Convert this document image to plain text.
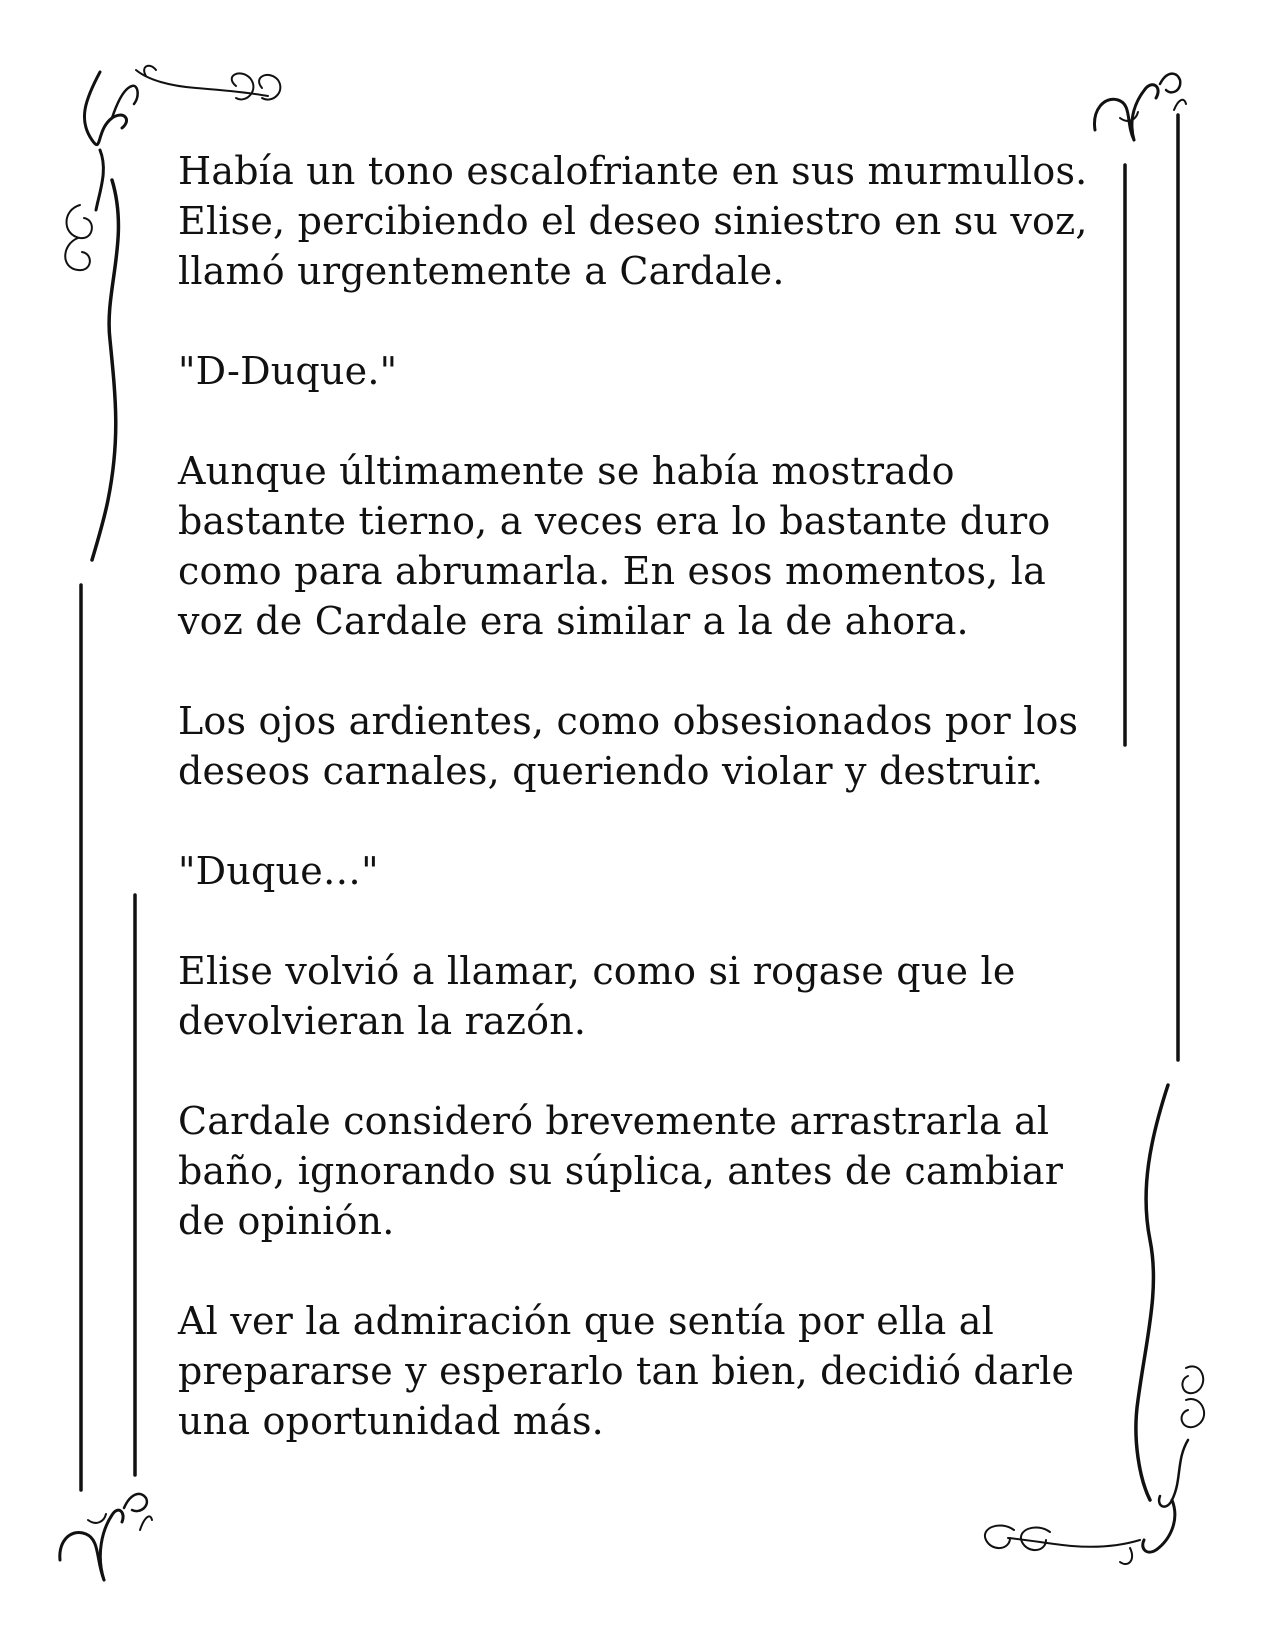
Había un tono escalofriante en sus murmullos.
Elise, percibiendo el deseo siniestro en su voz,
llamó urgentemente a Cardale.

"D-Duque."

Aunque últimamente se había mostrado
bastante tierno, a veces era lo bastante duro
como para abrumarla. En esos momentos, la
voz de Cardale era similar a la de ahora.

Los ojos ardientes, como obsesionados por los
deseos carnales, queriendo violar y destruir.

"Duque…"

Elise volvió a llamar, como si rogase que le
devolvieran la razón.

Cardale consideró brevemente arrastrarla al
baño, ignorando su súplica, antes de cambiar
de opinión.

Al ver la admiración que sentía por ella al
prepararse y esperarlo tan bien, decidió darle
una oportunidad más.
